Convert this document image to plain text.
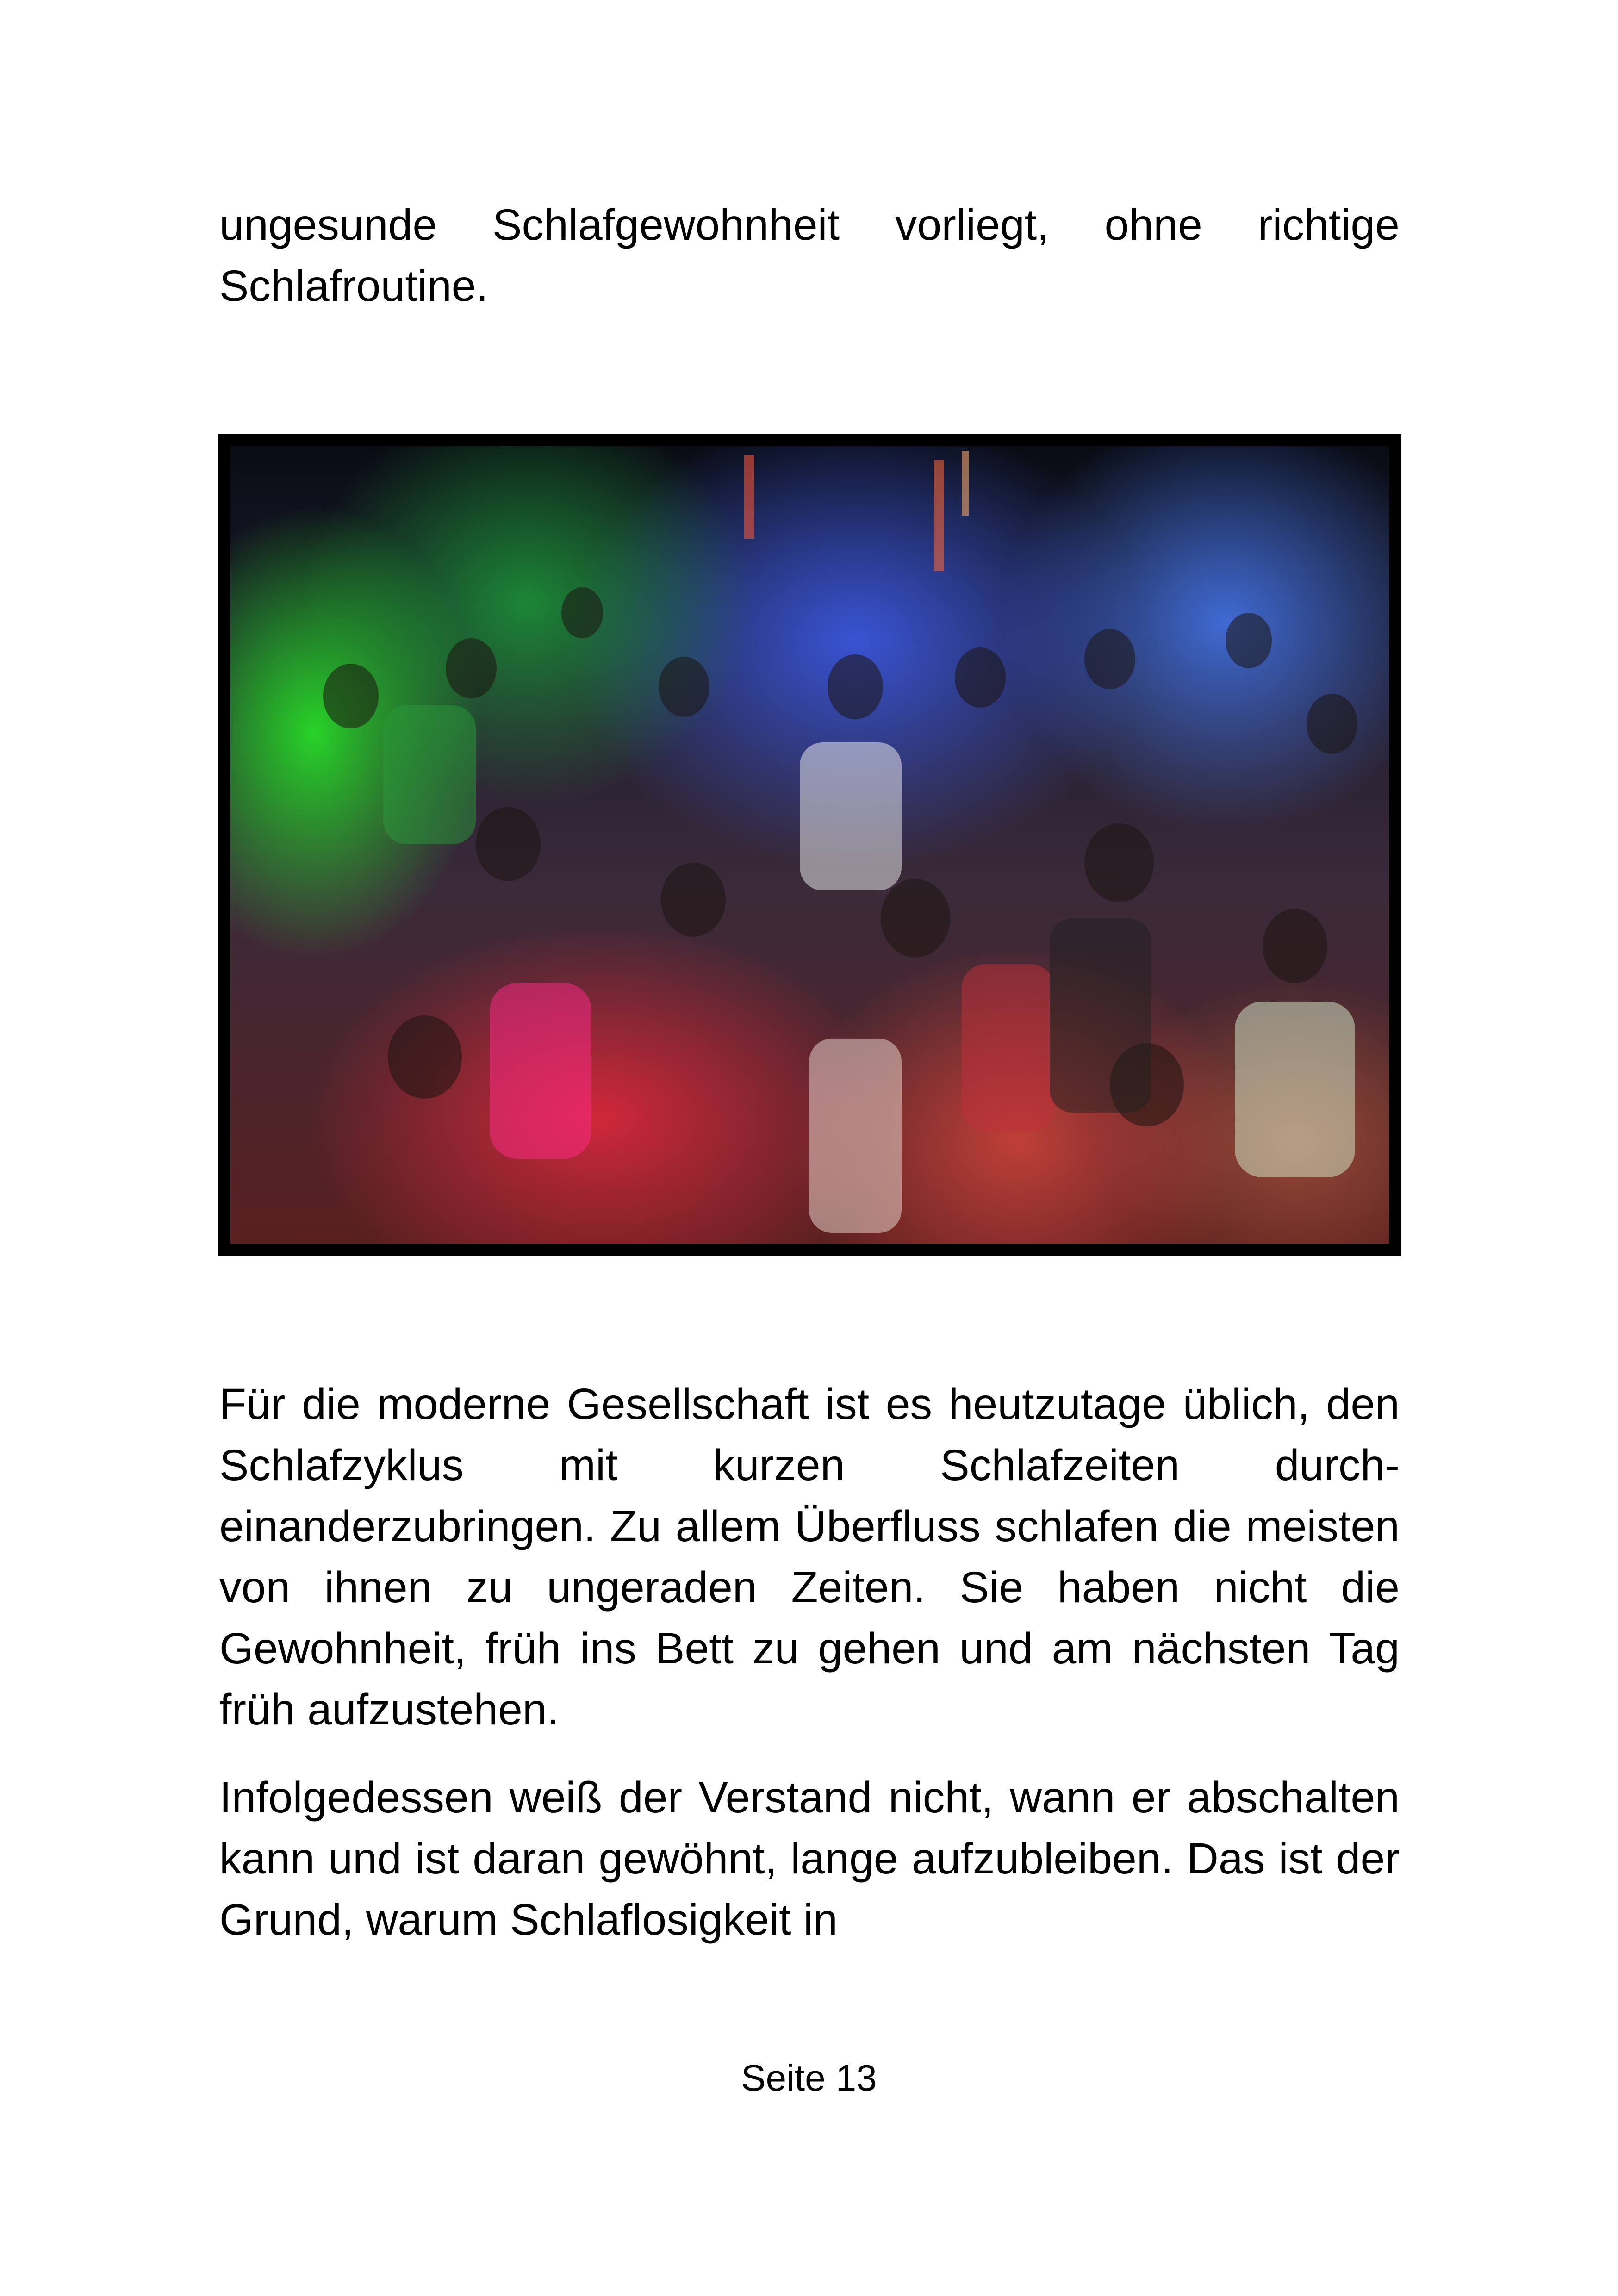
ungesunde Schlafgewohnheit vorliegt, ohne richtige Schlafroutine.

Für die moderne Gesellschaft ist es heutzutage üblich, den Schlafzyklus mit kurzen Schlafzeiten durch-einanderzubringen. Zu allem Überfluss schlafen die meisten von ihnen zu ungeraden Zeiten. Sie haben nicht die Gewohnheit, früh ins Bett zu gehen und am nächsten Tag früh aufzustehen.

Infolgedessen weiß der Verstand nicht, wann er abschalten kann und ist daran gewöhnt, lange aufzubleiben. Das ist der Grund, warum Schlaflosigkeit in

Seite 13
